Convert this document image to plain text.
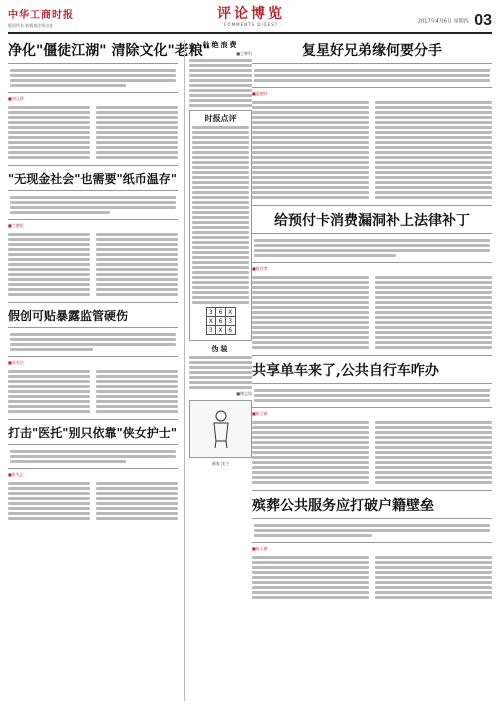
中华工商时报
版权所有 转载请注明出处
评论博览
COMMENTS DIGEST	2017年4月6日 星期四 03
净化"僵徒江湖" 清除文化"老粮"
■刘元珍
"无现金社会"也需要"纸币温存"
■兰德伦
假创可贴暴露监管硬伤
■苏芳法
打击"医托"别只依靠"侠女护士"
■张先正
杜绝浪费
■王牌科
时报点评
3 6 X
X 6 3
3 X 6
伪装
■傅志锋
画家 沈宁
复星好兄弟缘何要分手
■温德玲
给预付卡消费漏洞补上法律补丁
■陈作者
共享单车来了,公共自行车咋办
■陈卫新
殡葬公共服务应打破户籍壁垒
■陈玉新
